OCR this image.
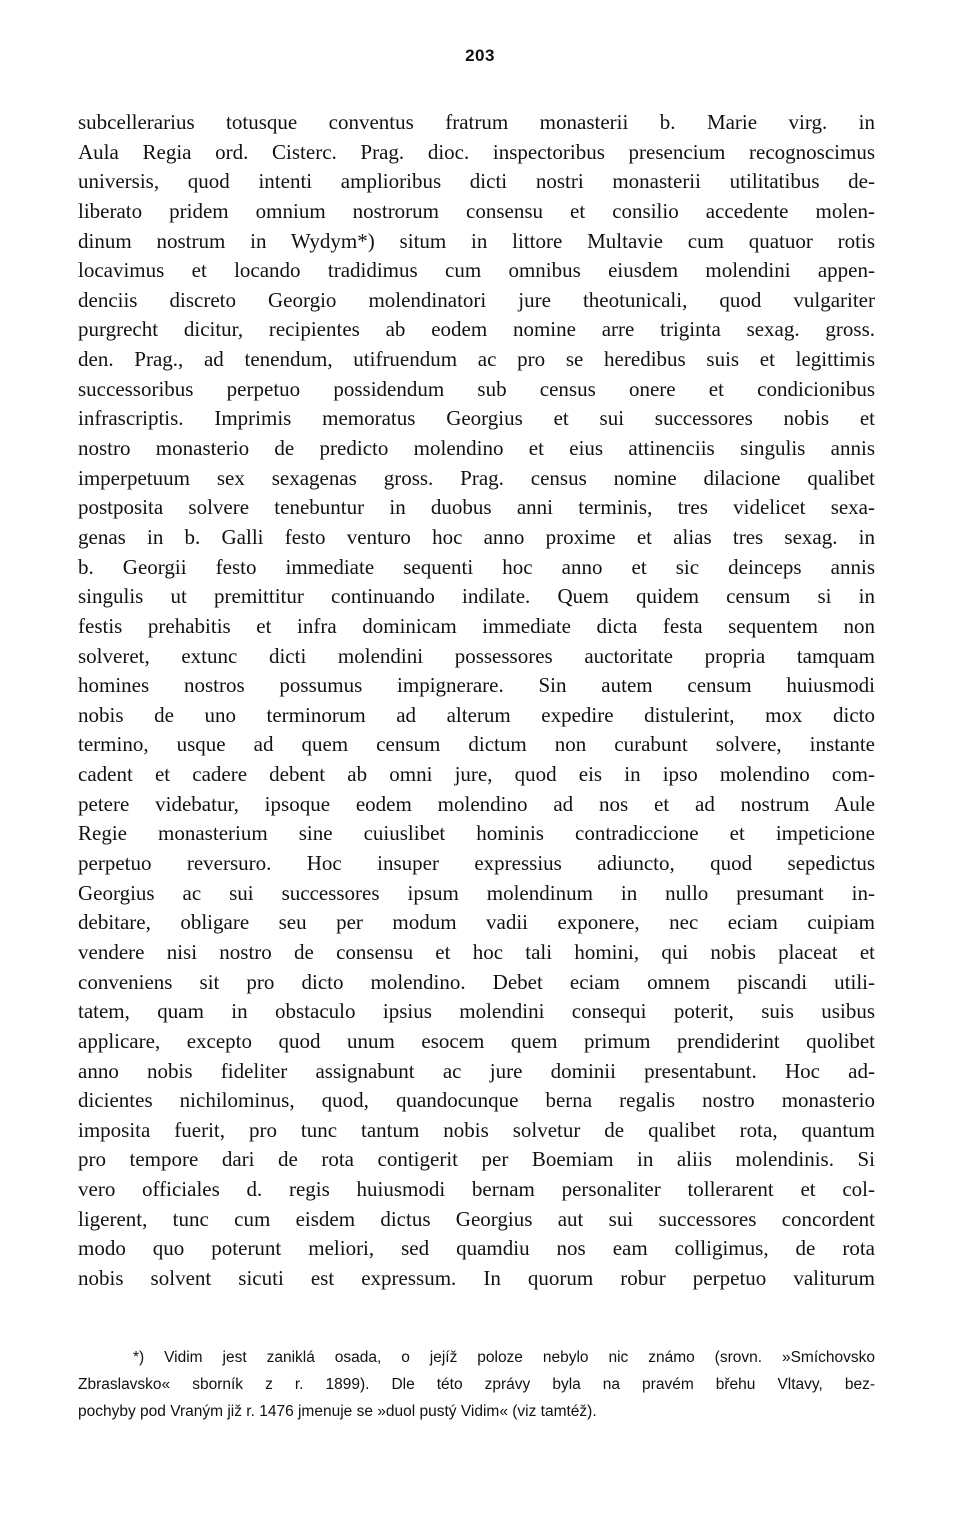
203
subcellerarius totusque conventus fratrum monasterii b. Marie virg. in
Aula Regia ord. Cisterc. Prag. dioc. inspectoribus presencium recognoscimus
universis, quod intenti amplioribus dicti nostri monasterii utilitatibus de-
liberato pridem omnium nostrorum consensu et consilio accedente molen-
dinum nostrum in Wydym*) situm in littore Multavie cum quatuor rotis
locavimus et locando tradidimus cum omnibus eiusdem molendini appen-
denciis discreto Georgio molendinatori jure theotunicali, quod vulgariter
purgrecht dicitur, recipientes ab eodem nomine arre triginta sexag. gross.
den. Prag., ad tenendum, utifruendum ac pro se heredibus suis et legittimis
successoribus perpetuo possidendum sub census onere et condicionibus
infrascriptis. Imprimis memoratus Georgius et sui successores nobis et
nostro monasterio de predicto molendino et eius attinenciis singulis annis
imperpetuum sex sexagenas gross. Prag. census nomine dilacione qualibet
postposita solvere tenebuntur in duobus anni terminis, tres videlicet sexa-
genas in b. Galli festo venturo hoc anno proxime et alias tres sexag. in
b. Georgii festo immediate sequenti hoc anno et sic deinceps annis
singulis ut premittitur continuando indilate. Quem quidem censum si in
festis prehabitis et infra dominicam immediate dicta festa sequentem non
solveret, extunc dicti molendini possessores auctoritate propria tamquam
homines nostros possumus impignerare. Sin autem censum huiusmodi
nobis de uno terminorum ad alterum expedire distulerint, mox dicto
termino, usque ad quem censum dictum non curabunt solvere, instante
cadent et cadere debent ab omni jure, quod eis in ipso molendino com-
petere videbatur, ipsoque eodem molendino ad nos et ad nostrum Aule
Regie monasterium sine cuiuslibet hominis contradiccione et impeticione
perpetuo reversuro. Hoc insuper expressius adiuncto, quod sepedictus
Georgius ac sui successores ipsum molendinum in nullo presumant in-
debitare, obligare seu per modum vadii exponere, nec eciam cuipiam
vendere nisi nostro de consensu et hoc tali homini, qui nobis placeat et
conveniens sit pro dicto molendino. Debet eciam omnem piscandi utili-
tatem, quam in obstaculo ipsius molendini consequi poterit, suis usibus
applicare, excepto quod unum esocem quem primum prendiderint quolibet
anno nobis fideliter assignabunt ac jure dominii presentabunt. Hoc ad-
dicientes nichilominus, quod, quandocunque berna regalis nostro monasterio
imposita fuerit, pro tunc tantum nobis solvetur de qualibet rota, quantum
pro tempore dari de rota contigerit per Boemiam in aliis molendinis. Si
vero officiales d. regis huiusmodi bernam personaliter tollerarent et col-
ligerent, tunc cum eisdem dictus Georgius aut sui successores concordent
modo quo poterunt meliori, sed quamdiu nos eam colligimus, de rota
nobis solvent sicuti est expressum. In quorum robur perpetuo valiturum
*) Vidim jest zaniklá osada, o jejíž poloze nebylo nic známo (srovn. »Smíchovsko
Zbraslavsko« sborník z r. 1899). Dle této zprávy byla na pravém břehu Vltavy, bez-
pochyby pod Vraným již r. 1476 jmenuje se »duol pustý Vidim« (viz tamtéž).
